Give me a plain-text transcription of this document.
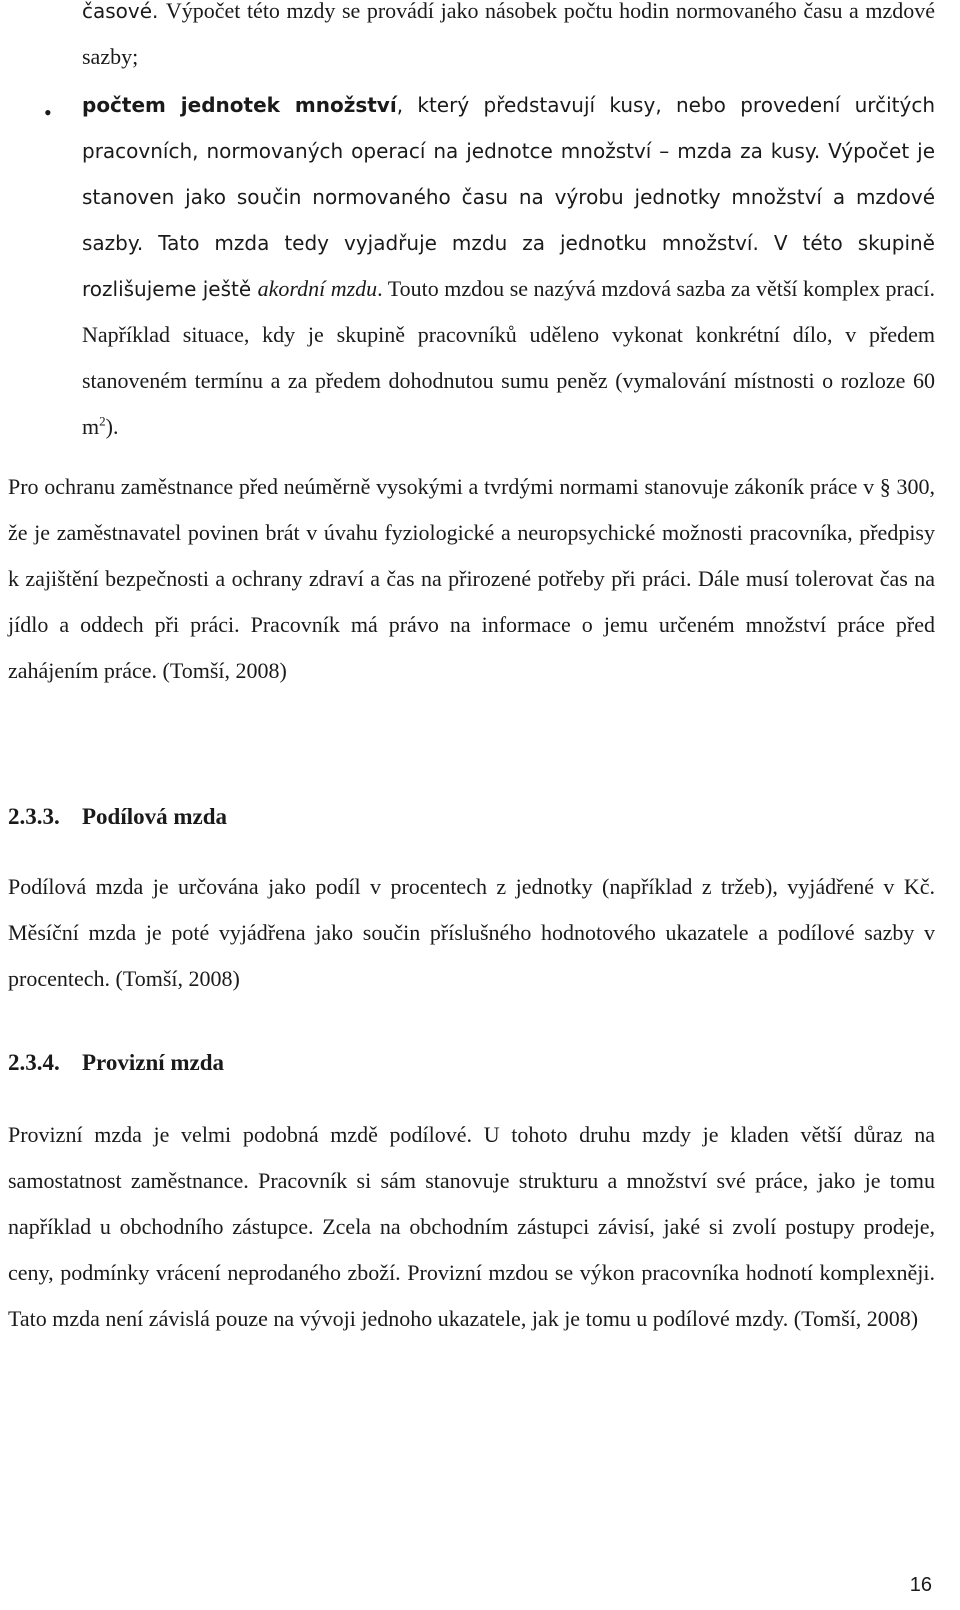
časové. Výpočet této mzdy se provádí jako násobek počtu hodin normovaného času a mzdové sazby;
• počtem jednotek množství, který představují kusy, nebo provedení určitých pracovních, normovaných operací na jednotce množství – mzda za kusy. Výpočet je stanoven jako součin normovaného času na výrobu jednotky množství a mzdové sazby. Tato mzda tedy vyjadřuje mzdu za jednotku množství. V této skupině rozlišujeme ještě akordní mzdu. Touto mzdou se nazývá mzdová sazba za větší komplex prací. Například situace, kdy je skupině pracovníků uděleno vykonat konkrétní dílo, v předem stanoveném termínu a za předem dohodnutou sumu peněz (vymalování místnosti o rozloze 60 $m^2$).

Pro ochranu zaměstnance před neúměrně vysokými a tvrdými normami stanovuje zákoník práce v § 300, že je zaměstnavatel povinen brát v úvahu fyziologické a neuropsychické možnosti pracovníka, předpisy k zajištění bezpečnosti a ochrany zdraví a čas na přirozené potřeby při práci. Dále musí tolerovat čas na jídlo a oddech při práci. Pracovník má právo na informace o jemu určeném množství práce před zahájením práce. (Tomší, 2008)

2.3.3. Podílová mzda

Podílová mzda je určována jako podíl v procentech z jednotky (například z tržeb), vyjádřené v Kč. Měsíční mzda je poté vyjádřena jako součin příslušného hodnotového ukazatele a podílové sazby v procentech. (Tomší, 2008)

2.3.4. Provizní mzda

Provizní mzda je velmi podobná mzdě podílové. U tohoto druhu mzdy je kladen větší důraz na samostatnost zaměstnance. Pracovník si sám stanovuje strukturu a množství své práce, jako je tomu například u obchodního zástupce. Zcela na obchodním zástupci závisí, jaké si zvolí postupy prodeje, ceny, podmínky vrácení neprodaného zboží. Provizní mzdou se výkon pracovníka hodnotí komplexněji. Tato mzda není závislá pouze na vývoji jednoho ukazatele, jak je tomu u podílové mzdy. (Tomší, 2008)

16
